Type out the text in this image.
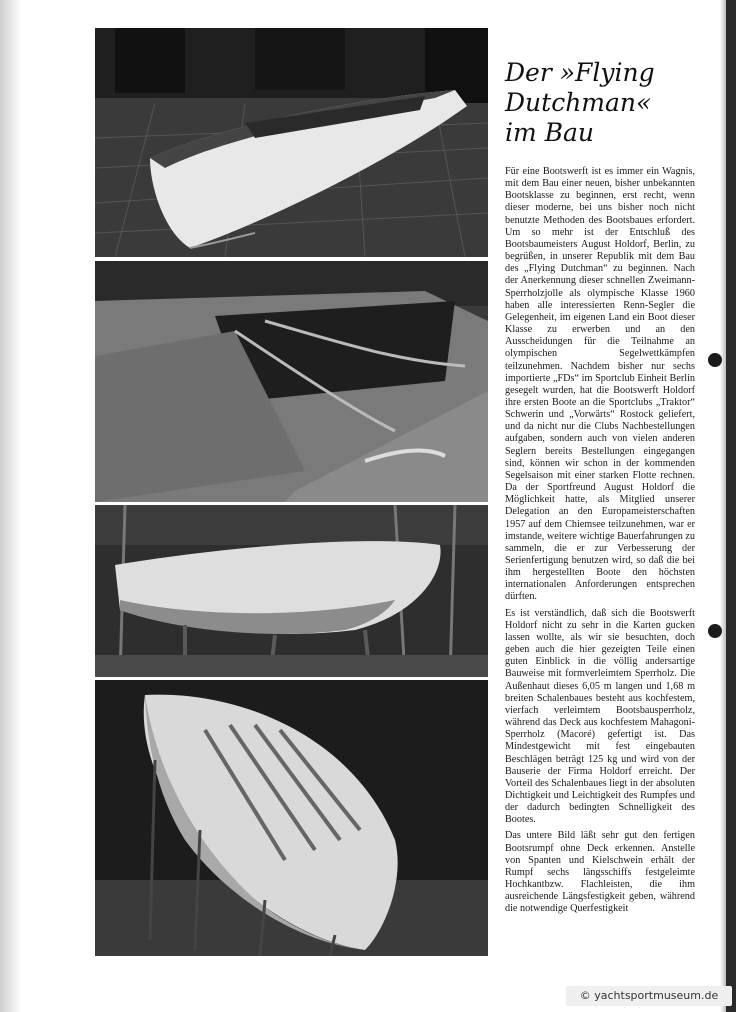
Der »Flying
Dutchman«
im Bau

Für eine Bootswerft ist es immer ein Wagnis, mit dem Bau einer neuen, bisher unbekannten Bootsklasse zu beginnen, erst recht, wenn dieser moderne, bei uns bisher noch nicht benutzte Methoden des Bootsbaues erfordert. Um so mehr ist der Entschluß des Bootsbaumeisters August Holdorf, Berlin, zu begrüßen, in unserer Republik mit dem Bau des „Flying Dutchman“ zu beginnen. Nach der Anerkennung dieser schnellen Zweimann-Sperrholzjolle als olympische Klasse 1960 haben alle interessierten Renn-Segler die Gelegenheit, im eigenen Land ein Boot dieser Klasse zu erwerben und an den Ausscheidungen für die Teilnahme an olympischen Segelwettkämpfen teilzunehmen. Nachdem bisher nur sechs importierte „FDs“ im Sportclub Einheit Berlin gesegelt wurden, hat die Bootswerft Holdorf ihre ersten Boote an die Sportclubs „Traktor“ Schwerin und „Vorwärts“ Rostock geliefert, und da nicht nur die Clubs Nachbestellungen aufgaben, sondern auch von vielen anderen Seglern bereits Bestellungen eingegangen sind, können wir schon in der kommenden Segelsaison mit einer starken Flotte rechnen. Da der Sportfreund August Holdorf die Möglichkeit hatte, als Mitglied unserer Delegation an den Europameisterschaften 1957 auf dem Chiemsee teilzunehmen, war er imstande, weitere wichtige Bauerfahrungen zu sammeln, die er zur Verbesserung der Serienfertigung benutzen wird, so daß die bei ihm hergestellten Boote den höchsten internationalen Anforderungen entsprechen dürften.

Es ist verständlich, daß sich die Bootswerft Holdorf nicht zu sehr in die Karten gucken lassen wollte, als wir sie besuchten, doch geben auch die hier gezeigten Teile einen guten Einblick in die völlig andersartige Bauweise mit formverleimtem Sperrholz. Die Außenhaut dieses 6,05 m langen und 1,68 m breiten Schalenbaues besteht aus kochfestem, vierfach verleimtem Bootsbausperrholz, während das Deck aus kochfestem Mahagoni-Sperrholz (Macoré) gefertigt ist. Das Mindestgewicht mit fest eingebauten Beschlägen beträgt 125 kg und wird von der Bauserie der Firma Holdorf erreicht. Der Vorteil des Schalenbaues liegt in der absoluten Dichtigkeit und Leichtigkeit des Rumpfes und der dadurch bedingten Schnelligkeit des Bootes.

Das untere Bild läßt sehr gut den fertigen Bootsrumpf ohne Deck erkennen. Anstelle von Spanten und Kielschwein erhält der Rumpf sechs längsschiffs festgeleimte Hochkantbzw. Flachleisten, die ihm ausreichende Längsfestigkeit geben, während die notwendige Querfestigkeit

© yachtsportmuseum.de
